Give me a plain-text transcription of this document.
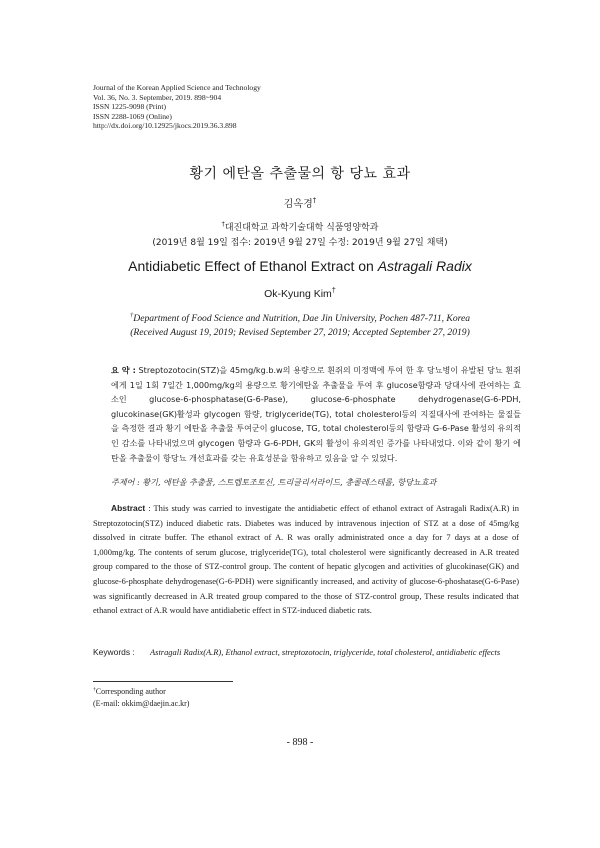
Journal of the Korean Applied Science and Technology
Vol. 36, No. 3. September, 2019. 898~904
ISSN 1225-9098 (Print)
ISSN 2288-1069 (Online)
http://dx.doi.org/10.12925/jkocs.2019.36.3.898
황기 에탄올 추출물의 항 당뇨 효과
김옥경†
†대진대학교 과학기술대학 식품영양학과
(2019년 8월 19일 접수: 2019년 9월 27일 수정: 2019년 9월 27일 채택)
Antidiabetic Effect of Ethanol Extract on Astragali Radix
Ok-Kyung Kim†
†Department of Food Science and Nutrition, Dae Jin University, Pochen 487-711, Korea
(Received August 19, 2019; Revised September 27, 2019; Accepted September 27, 2019)
요 약 : Streptozotocin(STZ)을 45mg/kg.b.w의 용량으로 흰쥐의 미정맥에 투여 한 후 당뇨병이 유발된 당뇨 흰쥐에게 1일 1회 7일간 1,000mg/kg의 용량으로 황기에탄올 추출물을 투여 후 glucose함량과 당대사에 관여하는 효소인 glucose-6-phosphatase(G-6-Pase), glucose-6-phosphate dehydrogenase(G-6-PDH, glucokinase(GK)활성과 glycogen 함량, triglyceride(TG), total cholesterol등의 지질대사에 관여하는 물질들을 측정한 결과 황기 에탄올 추출물 투여군이 glucose, TG, total cholesterol등의 함량과 G-6-Pase 활성의 유의적인 감소를 나타내었으며 glycogen 함량과 G-6-PDH, GK의 활성이 유의적인 증가를 나타내었다. 이와 같이 황기 에탄올 추출물이 항당뇨 개선효과를 갖는 유효성분을 함유하고 있음을 알 수 있었다.
주제어 : 황기, 에탄올 추출물, 스트렙토조토신, 트리글리서라이드, 총콜레스테롤, 항당뇨효과
Abstract : This study was carried to investigate the antidiabetic effect of ethanol extract of Astragali Radix(A.R) in Streptozotocin(STZ) induced diabetic rats. Diabetes was induced by intravenous injection of STZ at a dose of 45mg/kg dissolved in citrate buffer. The ethanol extract of A. R was orally administrated once a day for 7 days at a dose of 1,000mg/kg. The contents of serum glucose, triglyceride(TG), total cholesterol were significantly decreased in A.R treated group compared to the those of STZ-control group. The content of hepatic glycogen and activities of glucokinase(GK) and glucose-6-phosphate dehydrogenase(G-6-PDH) were significantly increased, and activity of glucose-6-phoshatase(G-6-Pase) was significantly decreased in A.R treated group compared to the those of STZ-control group, These results indicated that ethanol extract of A.R would have antidiabetic effect in STZ-induced diabetic rats.
Keywords :	Astragali Radix(A.R), Ethanol extract, streptozotocin, triglyceride, total cholesterol, antidiabetic effects
†Corresponding author
(E-mail: okkim@daejin.ac.kr)
- 898 -
